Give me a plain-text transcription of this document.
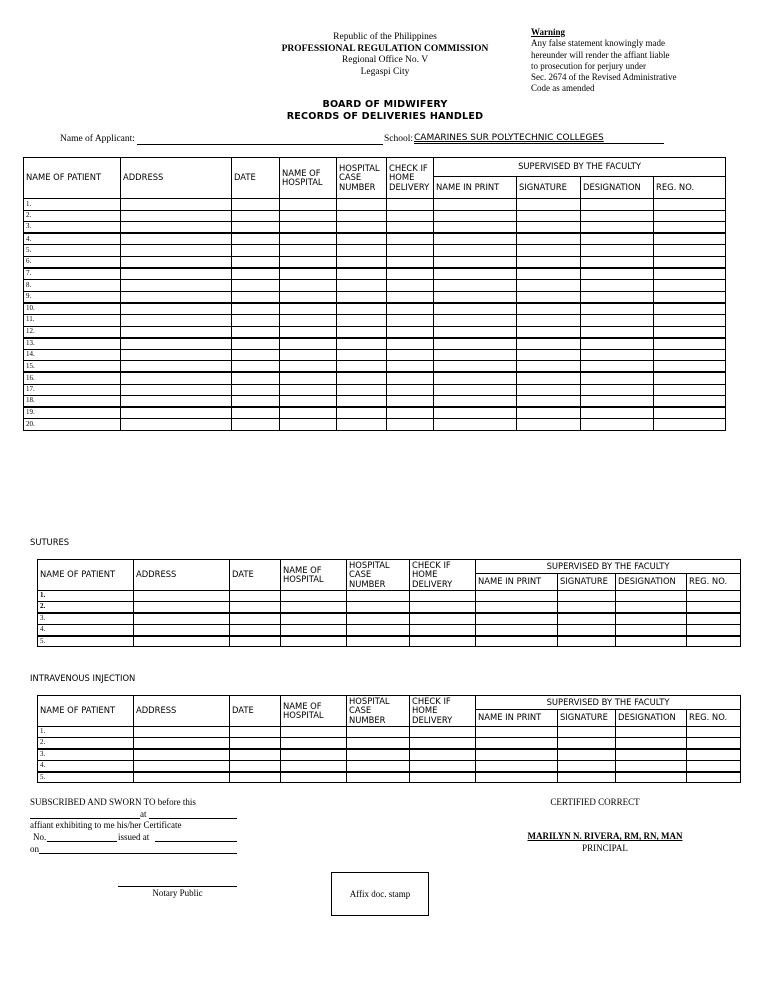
Republic of the Philippines
PROFESSIONAL REGULATION COMMISSION
Regional Office No. V
Legaspi City
Warning
Any false statement knowingly made
hereunder will render the affiant liable
to prosecution for perjury under
Sec. 2674 of the Revised Administrative
Code as amended
BOARD OF MIDWIFERY
RECORDS OF DELIVERIES HANDLED
Name of Applicant:	School: CAMARINES SUR POLYTECHNIC COLLEGES
NAME OF PATIENT	ADDRESS	DATE	NAME OF HOSPITAL	HOSPITAL CASE NUMBER	CHECK IF HOME DELIVERY	SUPERVISED BY THE FACULTY			
						NAME IN PRINT	SIGNATURE	DESIGNATION	REG. NO.
1.									
2.									
3.									
4.									
5.									
6.									
7.									
8.									
9.									
10.									
11.									
12.									
13.									
14.									
15.									
16.									
17.									
18.									
19.									
20.									
SUTURES
NAME OF PATIENT	ADDRESS	DATE	NAME OF HOSPITAL	HOSPITAL CASE NUMBER	CHECK IF HOME DELIVERY	SUPERVISED BY THE FACULTY			
						NAME IN PRINT	SIGNATURE	DESIGNATION	REG. NO.
1.									
2.									
3.									
4.									
5.									
INTRAVENOUS INJECTION
NAME OF PATIENT	ADDRESS	DATE	NAME OF HOSPITAL	HOSPITAL CASE NUMBER	CHECK IF HOME DELIVERY	SUPERVISED BY THE FACULTY			
						NAME IN PRINT	SIGNATURE	DESIGNATION	REG. NO.
1.									
2.									
3.									
4.									
5.									
SUBSCRIBED AND SWORN TO before this
at
affiant exhibiting to me his/her Certificate
No.	issued at
on
Notary Public	Affix doc. stamp
CERTIFIED CORRECT
MARILYN N. RIVERA, RM, RN, MAN
PRINCIPAL
